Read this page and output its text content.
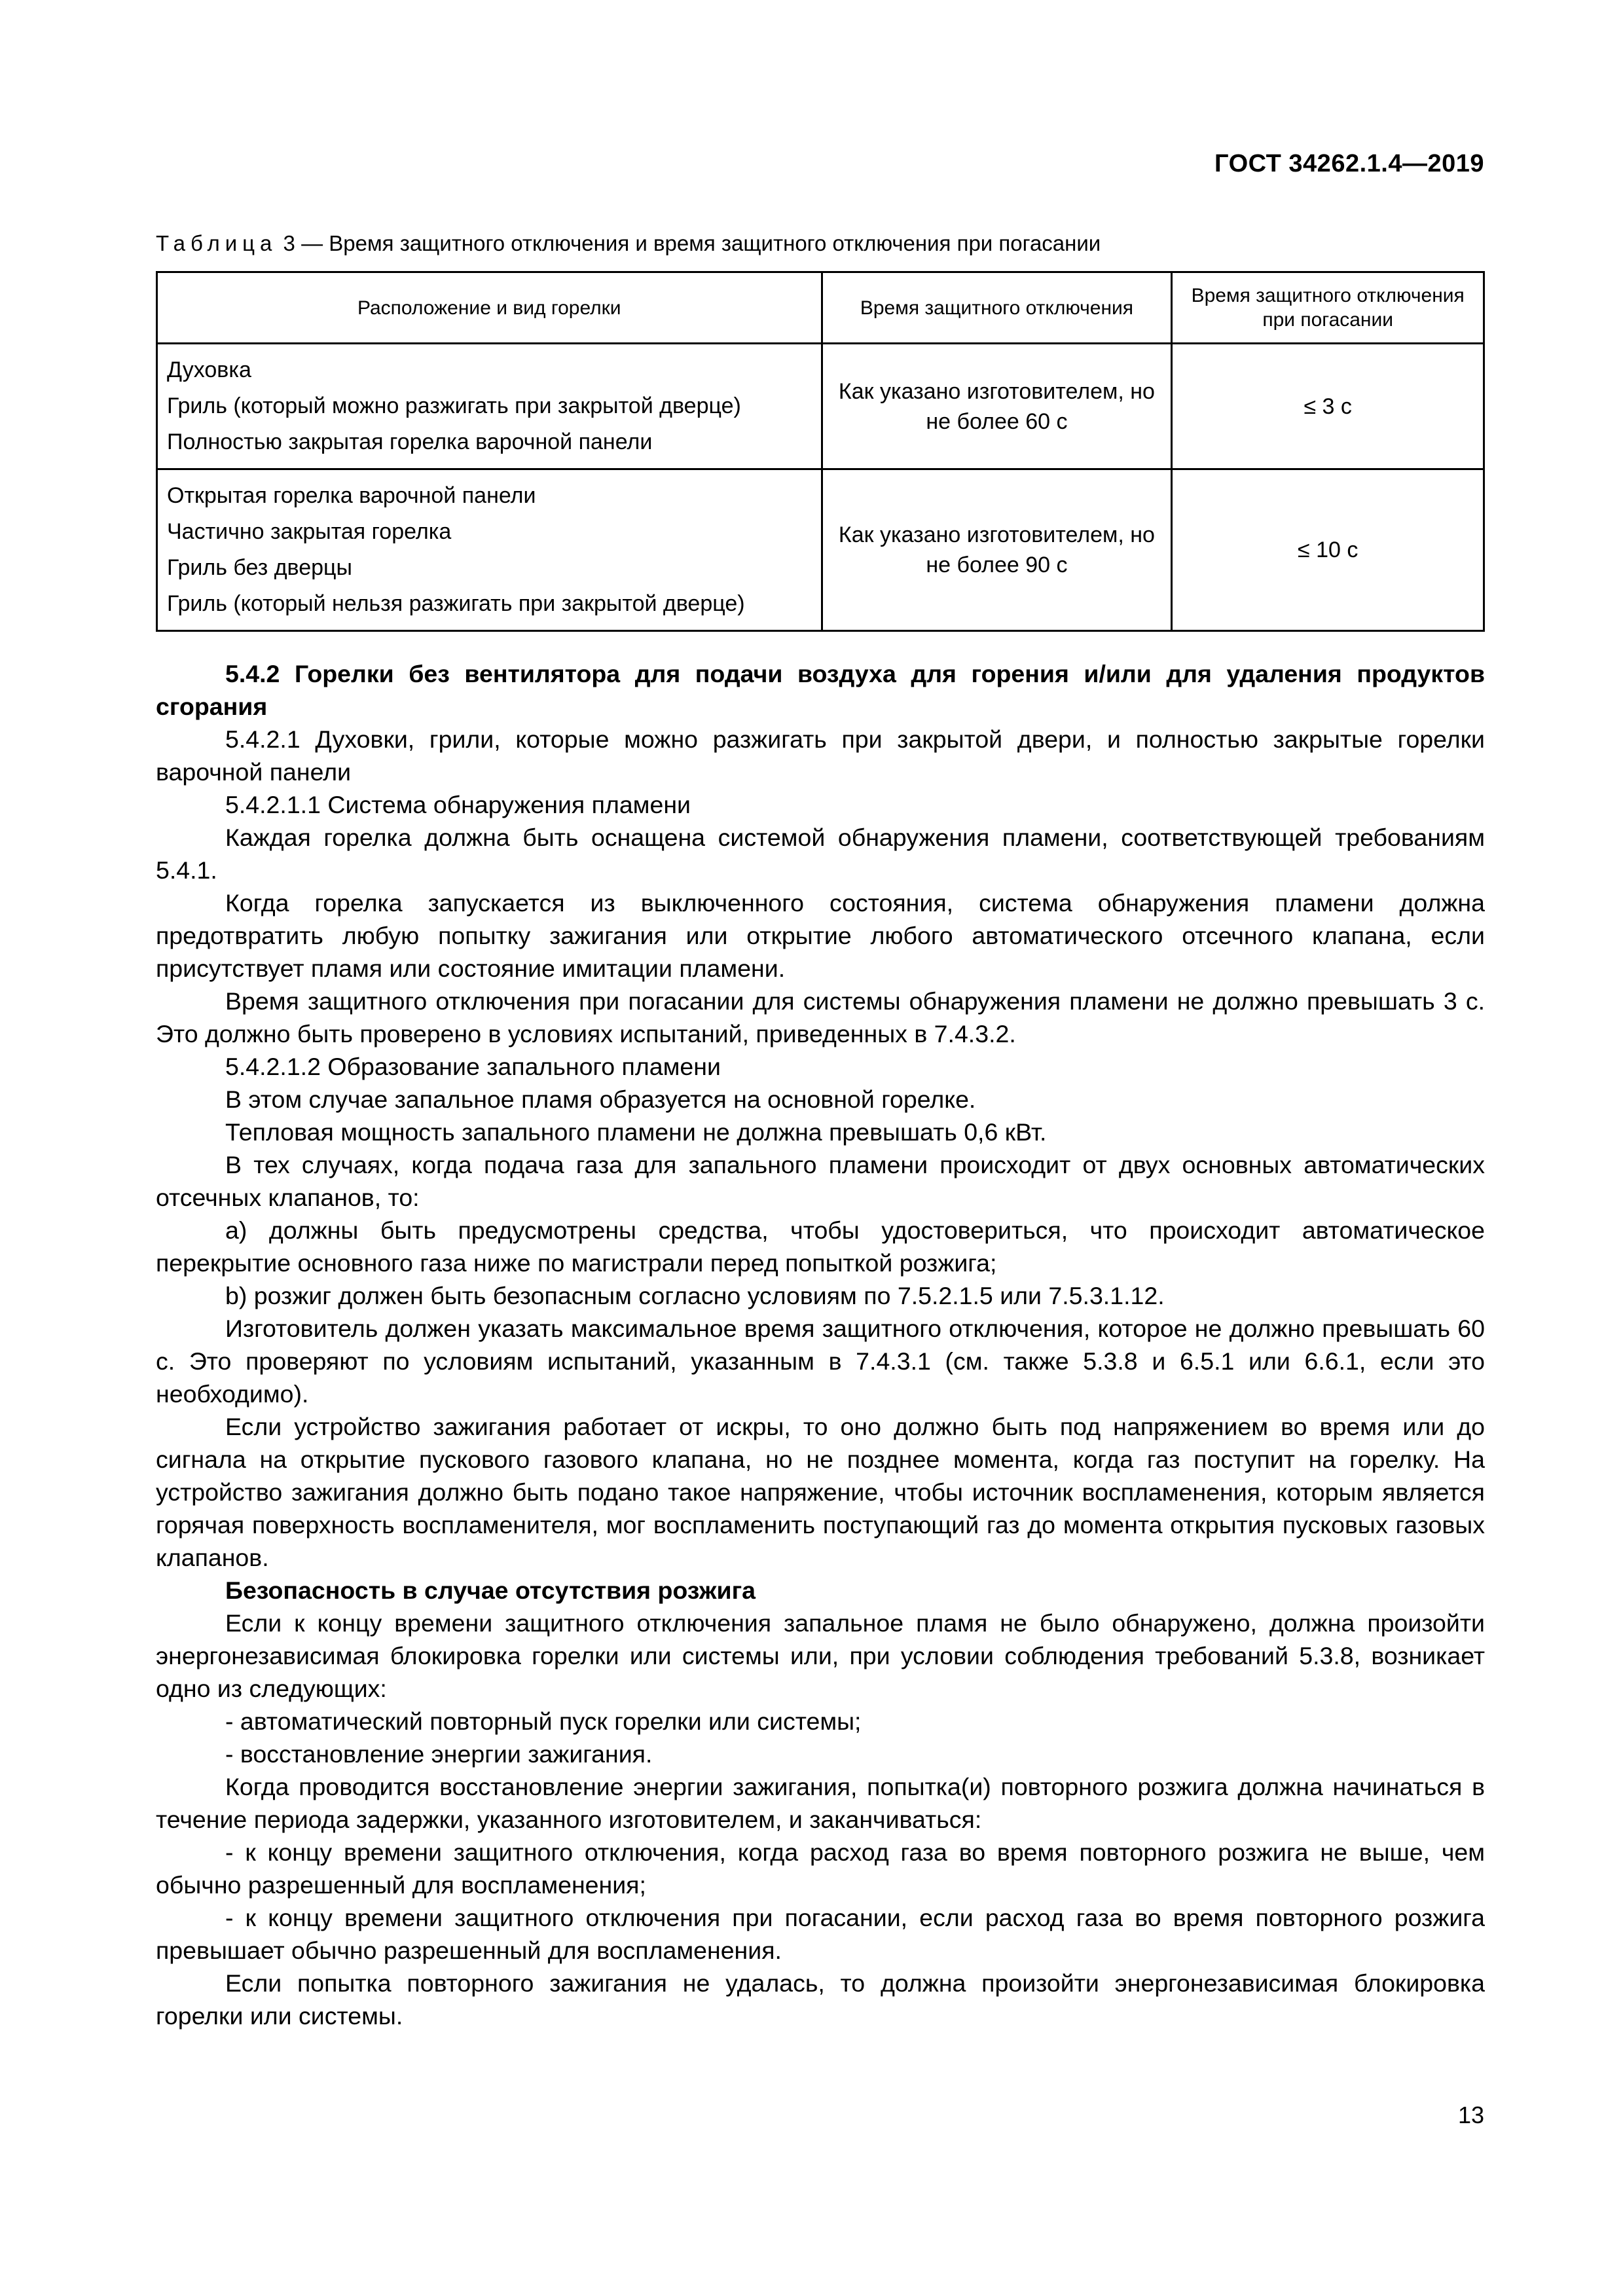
ГОСТ 34262.1.4—2019
Таблица 3 — Время защитного отключения и время защитного отключения при погасании
Расположение и вид горелки	Время защитного отключения	Время защитного отключения при погасании

Духовка
Гриль (который можно разжигать при закрытой дверце)
Полностью закрытая горелка варочной панели	Как указано изготовителем, но не более 60 с	≤ 3 с

Открытая горелка варочной панели
Частично закрытая горелка
Гриль без дверцы
Гриль (который нельзя разжигать при закрытой дверце)	Как указано изготовителем, но не более 90 с	≤ 10 с

5.4.2 Горелки без вентилятора для подачи воздуха для горения и/или для удаления продуктов сгорания

5.4.2.1 Духовки, грили, которые можно разжигать при закрытой двери, и полностью закрытые горелки варочной панели

5.4.2.1.1 Система обнаружения пламени

Каждая горелка должна быть оснащена системой обнаружения пламени, соответствующей требованиям 5.4.1.

Когда горелка запускается из выключенного состояния, система обнаружения пламени должна предотвратить любую попытку зажигания или открытие любого автоматического отсечного клапана, если присутствует пламя или состояние имитации пламени.

Время защитного отключения при погасании для системы обнаружения пламени не должно превышать 3 с. Это должно быть проверено в условиях испытаний, приведенных в 7.4.3.2.

5.4.2.1.2 Образование запального пламени

В этом случае запальное пламя образуется на основной горелке.

Тепловая мощность запального пламени не должна превышать 0,6 кВт.

В тех случаях, когда подача газа для запального пламени происходит от двух основных автоматических отсечных клапанов, то:

а) должны быть предусмотрены средства, чтобы удостовериться, что происходит автоматическое перекрытие основного газа ниже по магистрали перед попыткой розжига;

b) розжиг должен быть безопасным согласно условиям по 7.5.2.1.5 или 7.5.3.1.12.

Изготовитель должен указать максимальное время защитного отключения, которое не должно превышать 60 с. Это проверяют по условиям испытаний, указанным в 7.4.3.1 (см. также 5.3.8 и 6.5.1 или 6.6.1, если это необходимо).

Если устройство зажигания работает от искры, то оно должно быть под напряжением во время или до сигнала на открытие пускового газового клапана, но не позднее момента, когда газ поступит на горелку. На устройство зажигания должно быть подано такое напряжение, чтобы источник воспламенения, которым является горячая поверхность воспламенителя, мог воспламенить поступающий газ до момента открытия пусковых газовых клапанов.

Безопасность в случае отсутствия розжига

Если к концу времени защитного отключения запальное пламя не было обнаружено, должна произойти энергонезависимая блокировка горелки или системы или, при условии соблюдения требований 5.3.8, возникает одно из следующих:

- автоматический повторный пуск горелки или системы;

- восстановление энергии зажигания.

Когда проводится восстановление энергии зажигания, попытка(и) повторного розжига должна начинаться в течение периода задержки, указанного изготовителем, и заканчиваться:

- к концу времени защитного отключения, когда расход газа во время повторного розжига не выше, чем обычно разрешенный для воспламенения;

- к концу времени защитного отключения при погасании, если расход газа во время повторного розжига превышает обычно разрешенный для воспламенения.

Если попытка повторного зажигания не удалась, то должна произойти энергонезависимая блокировка горелки или системы.

13
